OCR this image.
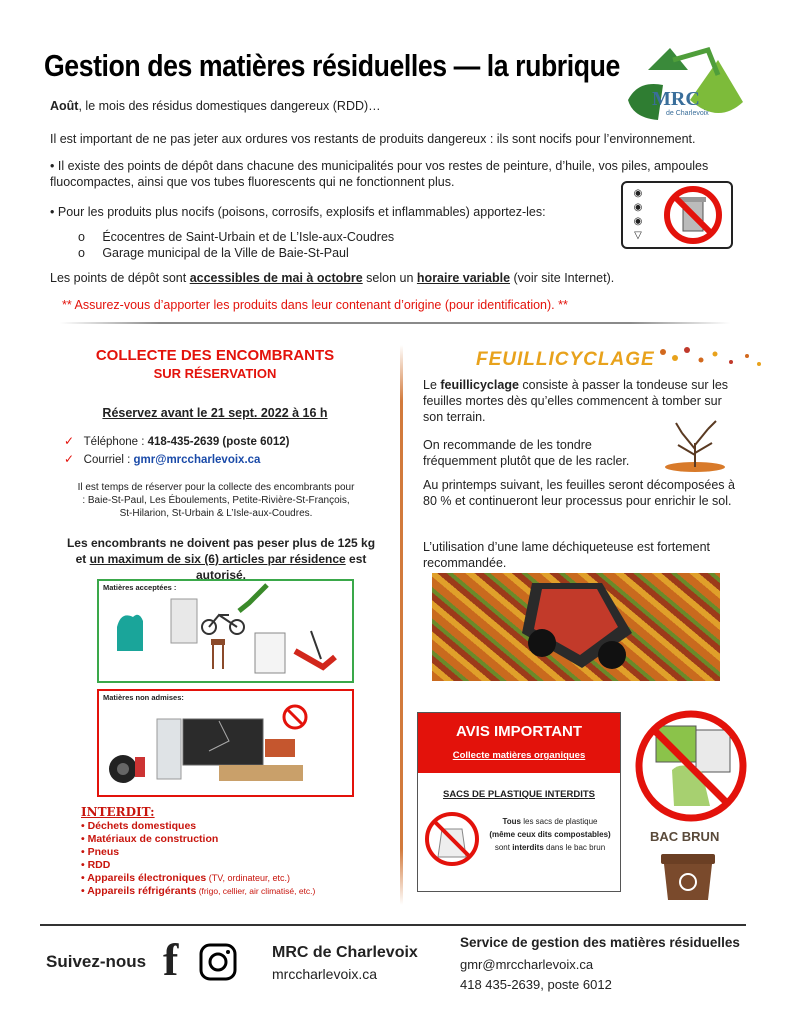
Gestion des matières résiduelles — la rubrique
MRC
de Charlevoix
Août, le mois des résidus domestiques dangereux (RDD)…
Il est important de ne pas jeter aux ordures vos restants de produits dangereux : ils sont nocifs pour l’environnement.
• Il existe des points de dépôt dans chacune des municipalités pour vos restes de peinture, d’huile, vos piles, ampoules fluocompactes, ainsi que vos tubes fluorescents qui ne fonctionnent plus.
• Pour les produits plus nocifs (poisons, corrosifs, explosifs et inflammables) apportez-les:
o     Écocentres de Saint-Urbain et de L’Isle-aux-Coudres
o     Garage municipal de la Ville de Baie-St-Paul
◉
◉
◉
▽
Les points de dépôt sont accessibles de mai à octobre selon un horaire variable (voir site Internet).
** Assurez-vous d’apporter les produits dans leur contenant d’origine (pour identification). **
COLLECTE DES ENCOMBRANTS
SUR RÉSERVATION
Réservez avant le 21 sept. 2022 à 16 h
✓ Téléphone : 418-435-2639 (poste 6012)
✓ Courriel : gmr@mrccharlevoix.ca
Il est temps de réserver pour la collecte des encombrants pour : Baie-St-Paul, Les Éboulements, Petite-Rivière-St-François, St-Hilarion, St-Urbain & L’Isle-aux-Coudres.
Les encombrants ne doivent pas peser plus de 125 kg et un maximum de six (6) articles par résidence est autorisé.
Matières acceptées :
Matières non admises:
INTERDIT:
• Déchets domestiques
• Matériaux de construction
• Pneus
• RDD
• Appareils électroniques (TV, ordinateur, etc.)
• Appareils réfrigérants (frigo, cellier, air climatisé, etc.)
FEUILLICYCLAGE
Le feuillicyclage consiste à passer la tondeuse sur les feuilles mortes dès qu’elles commencent à tomber sur son terrain.
On recommande de les tondre fréquemment plutôt que de les racler.
Au printemps suivant, les feuilles seront décomposées à 80 % et continueront leur processus pour enrichir le sol.
L’utilisation d’une lame déchiqueteuse est fortement recommandée.
AVIS IMPORTANT
Collecte matières organiques
SACS DE PLASTIQUE INTERDITS
Tous les sacs de plastique
(même ceux dits compostables)
sont interdits dans le bac brun
BAC BRUN
Suivez-nous f	MRC de Charlevoix
mrccharlevoix.ca
Service de gestion des matières résiduelles
gmr@mrccharlevoix.ca
418 435-2639, poste 6012
